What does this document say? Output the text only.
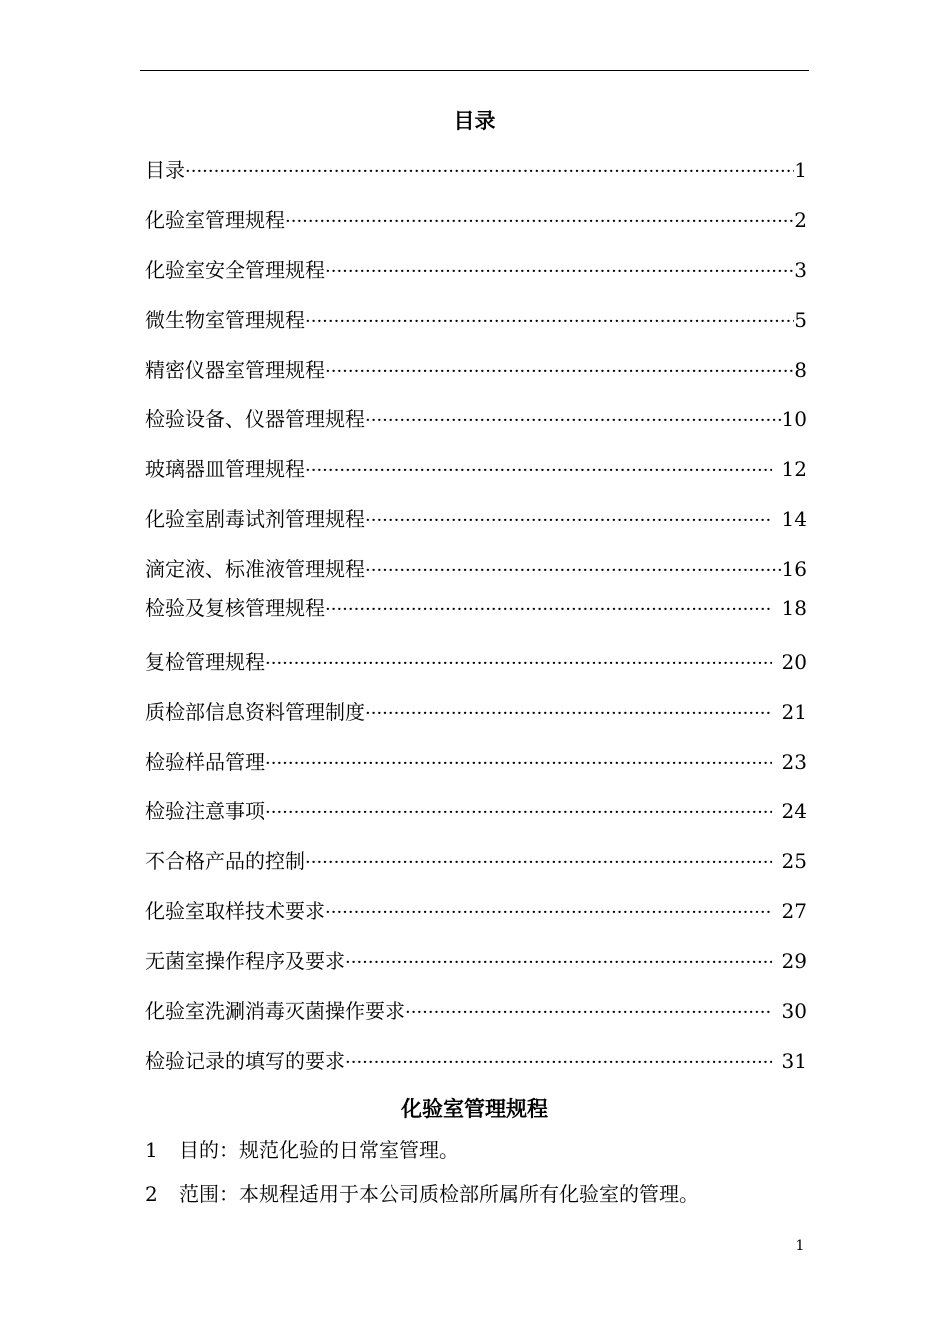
目录
目录 ·····	1
化验室管理规程 ·····	2
化验室安全管理规程 ·····	3
微生物室管理规程 ·····	5
精密仪器室管理规程 ·····	8
检验设备、仪器管理规程 ·····	10
玻璃器皿管理规程 ·····	12
化验室剧毒试剂管理规程 ·····	14
滴定液、标准液管理规程 ·····	16
检验及复核管理规程 ·····	18
复检管理规程 ·····	20
质检部信息资料管理制度 ·····	21
检验样品管理 ·····	23
检验注意事项 ·····	24
不合格产品的控制 ·····	25
化验室取样技术要求 ·····	27
无菌室操作程序及要求 ·····	29
化验室洗涮消毒灭菌操作要求 ·····	30
检验记录的填写的要求 ·····	31
化验室管理规程
1 目的：规范化验的日常室管理。
2 范围：本规程适用于本公司质检部所属所有化验室的管理。
1
